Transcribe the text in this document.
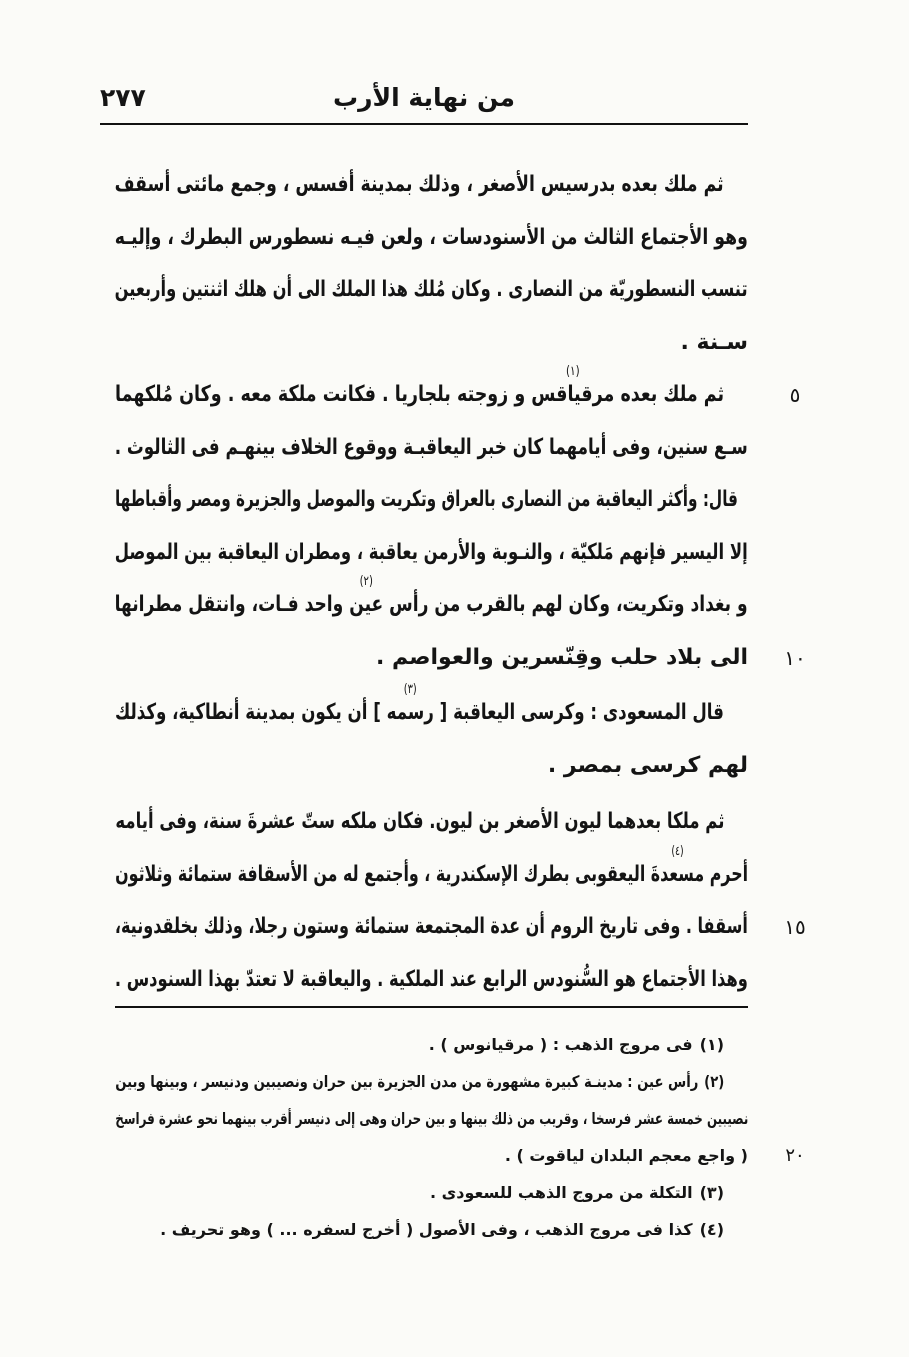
من نهاية الأرب
٢٧٧
ثم ملك بعده بدرسيس الأصغر ، وذلك بمدينة أفسس ، وجمع مائتى أسقف
وهو الأجتماع الثالث من الأسنودسات ، ولعن فيـه نسطورس البطرك ، وإليـه
تنسب النسطوريّة من النصارى . وكان مُلك هذا الملك الى أن هلك اثنتين وأربعين
سـنة .
ثم ملك بعده مرقياقس
(١)
و زوجته بلجاريا . فكانت ملكة معه . وكان مُلكهما	٥
سـع سنين، وفى أيامهما كان خبر اليعاقبـة ووقوع الخلاف بينهـم فى الثالوث .
قال: وأكثر اليعاقبة من النصارى بالعراق وتكريت والموصل والجزيرة ومصر وأقباطها
إلا اليسير فإنهم مَلكيّة ، والنـوبة والأرمن يعاقبة ، ومطران اليعاقبة بين الموصل
و بغداد وتكريت، وكان لهم بالقرب من رأس عين
(٢)
واحد فـات، وانتقل مطرانها
الى بلاد حلب وقِنّسرين والعواصم . ١٠
قال المسعودى : وكرسى اليعاقبة [ رسمه
(٣)
] أن يكون بمدينة أنطاكية، وكذلك
لهم كرسى بمصر .
ثم ملكا بعدهما ليون الأصغر بن ليون. فكان ملكه ستّ عشرةَ سنة، وفى أيامه
أحرم مسعدةَ
(٤)
اليعقوبى بطرك الإسكندرية ، وأجتمع له من الأسقافة ستمائة وثلاثون
أسقفا . وفى تاريخ الروم أن عدة المجتمعة ستمائة وستون رجلا، وذلك بخلقدونية، ١٥
وهذا الأجتماع هو السُّنودس الرابع عند الملكية . واليعاقبة لا تعتدّ بهذا السنودس .
(١)فى مروج الذهب : ( مرقيانوس ) .
(٢)رأس عين : مدينـة كبيرة مشهورة من مدن الجزيرة بين حران ونصيبين ودنيسر ، وبينها وبين
نصيبين خمسة عشر فرسخا ، وقريب من ذلك بينها و بين حران وهى إلى دنيسر أقرب بينهما نحو عشرة فراسخ
( واجع معجم البلدان لياقوت ) . ٢٠
(٣)التكلة من مروج الذهب للسعودى .
(٤)كذا فى مروج الذهب ، وفى الأصول ( أخرج لسفره ... ) وهو تحريف .
